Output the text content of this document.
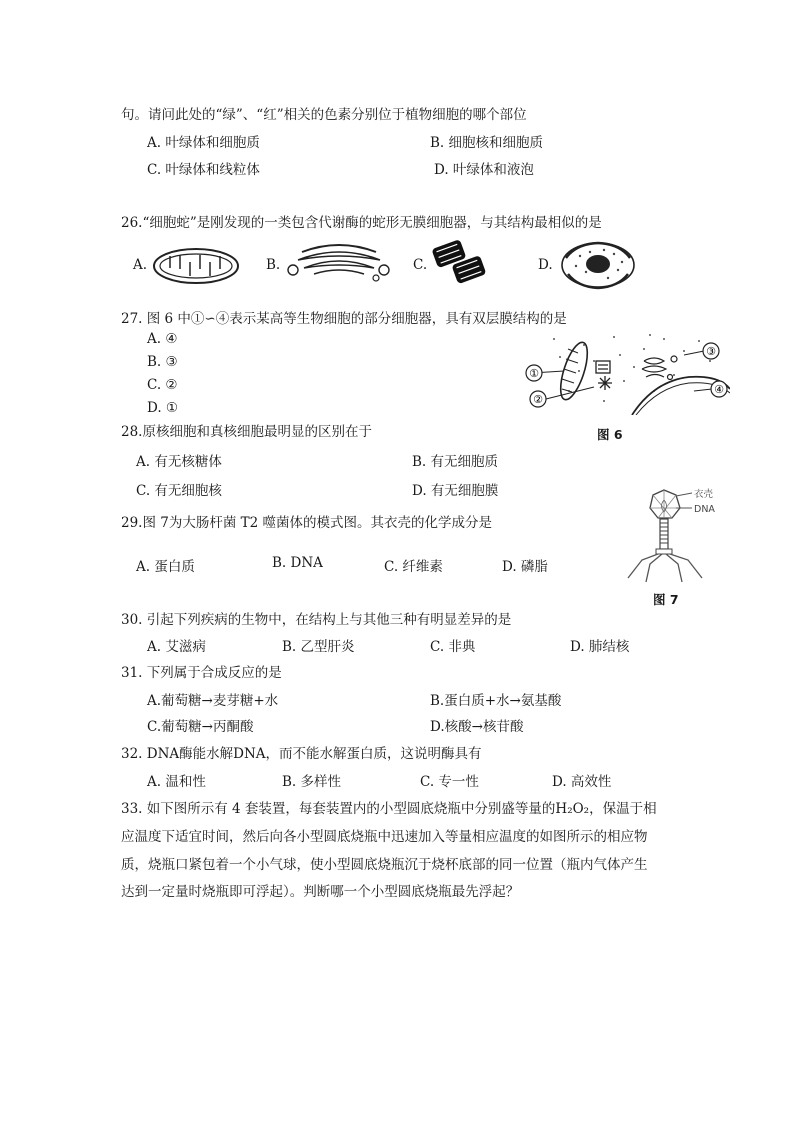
句。请问此处的“绿”、“红”相关的色素分别位于植物细胞的哪个部位
A. 叶绿体和细胞质	B. 细胞核和细胞质
C. 叶绿体和线粒体	D. 叶绿体和液泡
26.“细胞蛇”是刚发现的一类包含代谢酶的蛇形无膜细胞器，与其结构最相似的是
A.	B.	C.	D.
27. 图 6 中①∽④表示某高等生物细胞的部分细胞器，具有双层膜结构的是
A. ④
B. ③
C. ②
D. ①
①
②
③
④
图 6
28.原核细胞和真核细胞最明显的区别在于
A. 有无核糖体	B. 有无细胞质
C. 有无细胞核	D. 有无细胞膜
29.图 7为大肠杆菌 T2 噬菌体的模式图。其衣壳的化学成分是
A. 蛋白质	B. DNA	C. 纤维素	D. 磷脂
衣壳
DNA
图 7
30. 引起下列疾病的生物中，在结构上与其他三种有明显差异的是
A. 艾滋病	B. 乙型肝炎	C. 非典	D. 肺结核
31. 下列属于合成反应的是
A.葡萄糖→麦芽糖+水	B.蛋白质+水→氨基酸
C.葡萄糖→丙酮酸	D.核酸→核苷酸
32. DNA酶能水解DNA，而不能水解蛋白质，这说明酶具有
A. 温和性	B. 多样性	C. 专一性	D. 高效性
33. 如下图所示有 4 套装置，每套装置内的小型圆底烧瓶中分别盛等量的H₂O₂，保温于相
应温度下适宜时间，然后向各小型圆底烧瓶中迅速加入等量相应温度的如图所示的相应物
质，烧瓶口紧包着一个小气球，使小型圆底烧瓶沉于烧杯底部的同一位置（瓶内气体产生
达到一定量时烧瓶即可浮起）。判断哪一个小型圆底烧瓶最先浮起？
